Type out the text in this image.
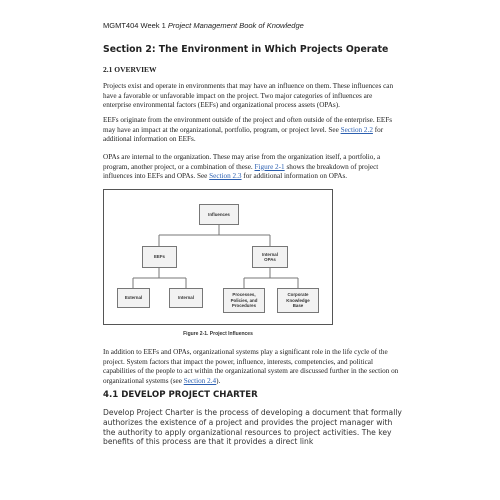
MGMT404 Week 1 Project Management Book of Knowledge
Section 2: The Environment in Which Projects Operate
2.1 OVERVIEW

Projects exist and operate in environments that may have an influence on them. These influences can have a favorable or unfavorable impact on the project. Two major categories of influences are enterprise environmental factors (EEFs) and organizational process assets (OPAs).

EEFs originate from the environment outside of the project and often outside of the enterprise. EEFs may have an impact at the organizational, portfolio, program, or project level. See Section 2.2 for additional information on EEFs.

OPAs are internal to the organization. These may arise from the organization itself, a portfolio, a program, another project, or a combination of these. Figure 2-1 shows the breakdown of project influences into EEFs and OPAs. See Section 2.3 for additional information on OPAs.

Influences
EEFs
Internal
OPAs
External	Internal
Processes,
Policies, and
Procedures
Corporate
Knowledge
Base
Figure 2-1. Project Influences

In addition to EEFs and OPAs, organizational systems play a significant role in the life cycle of the project. System factors that impact the power, influence, interests, competencies, and political capabilities of the people to act within the organizational system are discussed further in the section on organizational systems (see Section 2.4).

4.1 DEVELOP PROJECT CHARTER

Develop Project Charter is the process of developing a document that formally authorizes the existence of a project and provides the project manager with the authority to apply organizational resources to project activities. The key benefits of this process are that it provides a direct link
